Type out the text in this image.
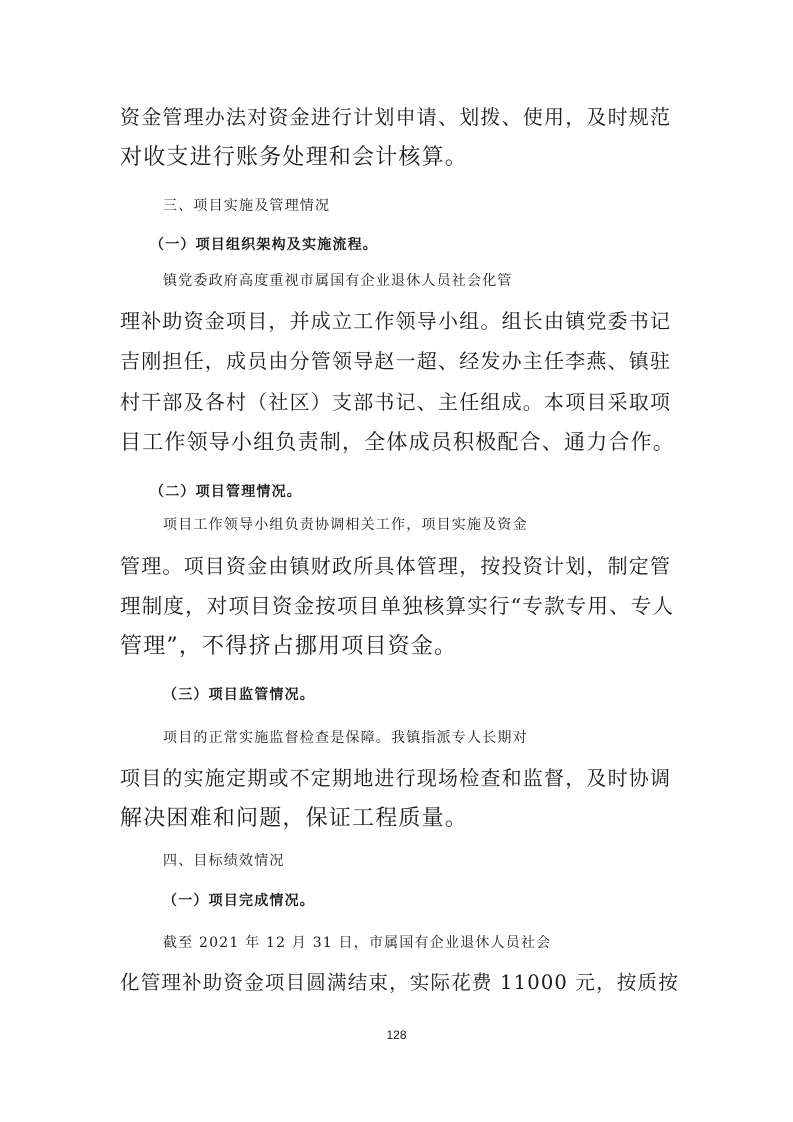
资金管理办法对资金进行计划申请、划拨、使用，及时规范
对收支进行账务处理和会计核算。
三、项目实施及管理情况
（一）项目组织架构及实施流程。
镇党委政府高度重视市属国有企业退休人员社会化管
理补助资金项目，并成立工作领导小组。组长由镇党委书记
吉刚担任，成员由分管领导赵一超、经发办主任李燕、镇驻
村干部及各村（社区）支部书记、主任组成。本项目采取项
目工作领导小组负责制，全体成员积极配合、通力合作。
（二）项目管理情况。
项目工作领导小组负责协调相关工作，项目实施及资金
管理。项目资金由镇财政所具体管理，按投资计划，制定管
理制度，对项目资金按项目单独核算实行“专款专用、专人
管理”，不得挤占挪用项目资金。
（三）项目监管情况。
项目的正常实施监督检查是保障。我镇指派专人长期对
项目的实施定期或不定期地进行现场检查和监督，及时协调
解决困难和问题，保证工程质量。
四、目标绩效情况
（一）项目完成情况。
截至 2021 年 12 月 31 日，市属国有企业退休人员社会
化管理补助资金项目圆满结束，实际花费 11000 元，按质按
128
